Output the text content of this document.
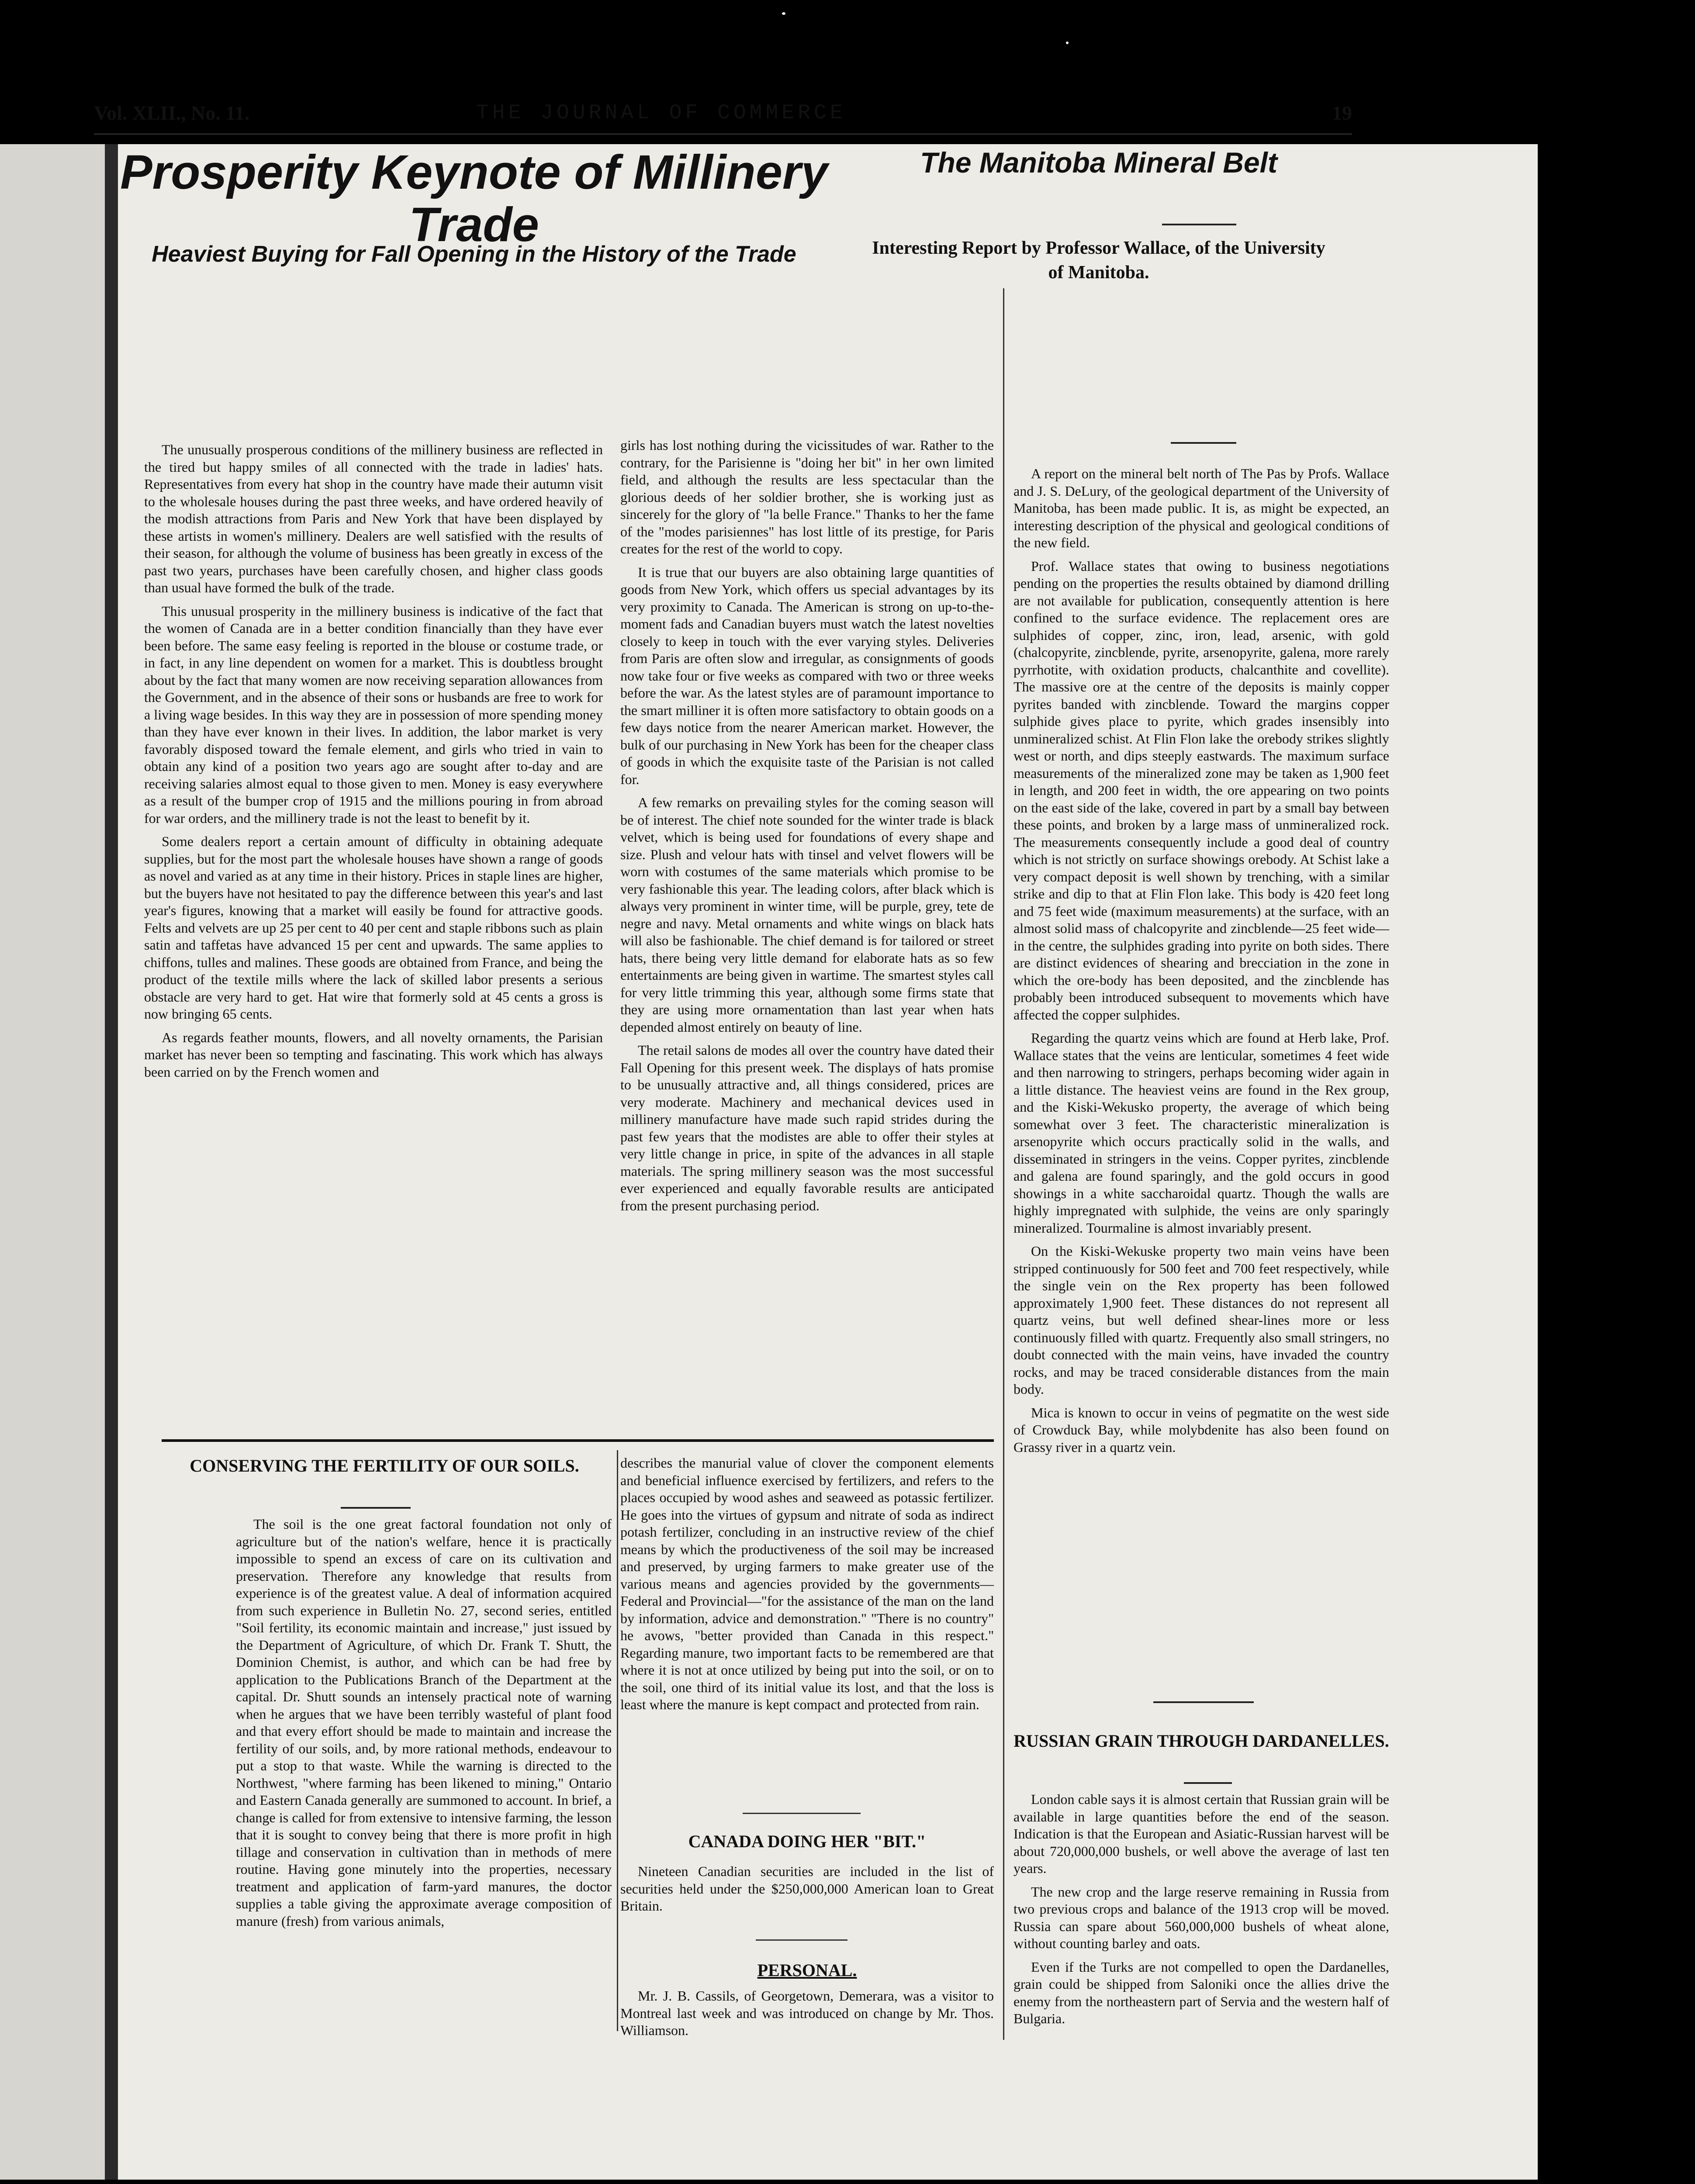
Vol. XLII., No. 11.	THE JOURNAL OF COMMERCE	19
Prosperity Keynote of Millinery Trade
Heaviest Buying for Fall Opening in the History of the Trade

The unusually prosperous conditions of the millinery business are reflected in the tired but happy smiles of all connected with the trade in ladies' hats. Representatives from every hat shop in the country have made their autumn visit to the wholesale houses during the past three weeks, and have ordered heavily of the modish attractions from Paris and New York that have been displayed by these artists in women's millinery. Dealers are well satisfied with the results of their season, for although the volume of business has been greatly in excess of the past two years, purchases have been carefully chosen, and higher class goods than usual have formed the bulk of the trade.

This unusual prosperity in the millinery business is indicative of the fact that the women of Canada are in a better condition financially than they have ever been before. The same easy feeling is reported in the blouse or costume trade, or in fact, in any line dependent on women for a market. This is doubtless brought about by the fact that many women are now receiving separation allowances from the Government, and in the absence of their sons or husbands are free to work for a living wage besides. In this way they are in possession of more spending money than they have ever known in their lives. In addition, the labor market is very favorably disposed toward the female element, and girls who tried in vain to obtain any kind of a position two years ago are sought after to-day and are receiving salaries almost equal to those given to men. Money is easy everywhere as a result of the bumper crop of 1915 and the millions pouring in from abroad for war orders, and the millinery trade is not the least to benefit by it.

Some dealers report a certain amount of difficulty in obtaining adequate supplies, but for the most part the wholesale houses have shown a range of goods as novel and varied as at any time in their history. Prices in staple lines are higher, but the buyers have not hesitated to pay the difference between this year's and last year's figures, knowing that a market will easily be found for attractive goods. Felts and velvets are up 25 per cent to 40 per cent and staple ribbons such as plain satin and taffetas have advanced 15 per cent and upwards. The same applies to chiffons, tulles and malines. These goods are obtained from France, and being the product of the textile mills where the lack of skilled labor presents a serious obstacle are very hard to get. Hat wire that formerly sold at 45 cents a gross is now bringing 65 cents.

As regards feather mounts, flowers, and all novelty ornaments, the Parisian market has never been so tempting and fascinating. This work which has always been carried on by the French women and

girls has lost nothing during the vicissitudes of war. Rather to the contrary, for the Parisienne is "doing her bit" in her own limited field, and although the results are less spectacular than the glorious deeds of her soldier brother, she is working just as sincerely for the glory of "la belle France." Thanks to her the fame of the "modes parisiennes" has lost little of its prestige, for Paris creates for the rest of the world to copy.

It is true that our buyers are also obtaining large quantities of goods from New York, which offers us special advantages by its very proximity to Canada. The American is strong on up-to-the-moment fads and Canadian buyers must watch the latest novelties closely to keep in touch with the ever varying styles. Deliveries from Paris are often slow and irregular, as consignments of goods now take four or five weeks as compared with two or three weeks before the war. As the latest styles are of paramount importance to the smart milliner it is often more satisfactory to obtain goods on a few days notice from the nearer American market. However, the bulk of our purchasing in New York has been for the cheaper class of goods in which the exquisite taste of the Parisian is not called for.

A few remarks on prevailing styles for the coming season will be of interest. The chief note sounded for the winter trade is black velvet, which is being used for foundations of every shape and size. Plush and velour hats with tinsel and velvet flowers will be worn with costumes of the same materials which promise to be very fashionable this year. The leading colors, after black which is always very prominent in winter time, will be purple, grey, tete de negre and navy. Metal ornaments and white wings on black hats will also be fashionable. The chief demand is for tailored or street hats, there being very little demand for elaborate hats as so few entertainments are being given in wartime. The smartest styles call for very little trimming this year, although some firms state that they are using more ornamentation than last year when hats depended almost entirely on beauty of line.

The retail salons de modes all over the country have dated their Fall Opening for this present week. The displays of hats promise to be unusually attractive and, all things considered, prices are very moderate. Machinery and mechanical devices used in millinery manufacture have made such rapid strides during the past few years that the modistes are able to offer their styles at very little change in price, in spite of the advances in all staple materials. The spring millinery season was the most successful ever experienced and equally favorable results are anticipated from the present purchasing period.

The Manitoba Mineral Belt
Interesting Report by Professor Wallace, of the University of Manitoba.

A report on the mineral belt north of The Pas by Profs. Wallace and J. S. DeLury, of the geological department of the University of Manitoba, has been made public. It is, as might be expected, an interesting description of the physical and geological conditions of the new field.

Prof. Wallace states that owing to business negotiations pending on the properties the results obtained by diamond drilling are not available for publication, consequently attention is here confined to the surface evidence. The replacement ores are sulphides of copper, zinc, iron, lead, arsenic, with gold (chalcopyrite, zincblende, pyrite, arsenopyrite, galena, more rarely pyrrhotite, with oxidation products, chalcanthite and covellite). The massive ore at the centre of the deposits is mainly copper pyrites banded with zincblende. Toward the margins copper sulphide gives place to pyrite, which grades insensibly into unmineralized schist. At Flin Flon lake the orebody strikes slightly west or north, and dips steeply eastwards. The maximum surface measurements of the mineralized zone may be taken as 1,900 feet in length, and 200 feet in width, the ore appearing on two points on the east side of the lake, covered in part by a small bay between these points, and broken by a large mass of unmineralized rock. The measurements consequently include a good deal of country which is not strictly on surface showings orebody. At Schist lake a very compact deposit is well shown by trenching, with a similar strike and dip to that at Flin Flon lake. This body is 420 feet long and 75 feet wide (maximum measurements) at the surface, with an almost solid mass of chalcopyrite and zincblende—25 feet wide—in the centre, the sulphides grading into pyrite on both sides. There are distinct evidences of shearing and brecciation in the zone in which the ore-body has been deposited, and the zincblende has probably been introduced subsequent to movements which have affected the copper sulphides.

Regarding the quartz veins which are found at Herb lake, Prof. Wallace states that the veins are lenticular, sometimes 4 feet wide and then narrowing to stringers, perhaps becoming wider again in a little distance. The heaviest veins are found in the Rex group, and the Kiski-Wekusko property, the average of which being somewhat over 3 feet. The characteristic mineralization is arsenopyrite which occurs practically solid in the walls, and disseminated in stringers in the veins. Copper pyrites, zincblende and galena are found sparingly, and the gold occurs in good showings in a white saccharoidal quartz. Though the walls are highly impregnated with sulphide, the veins are only sparingly mineralized. Tourmaline is almost invariably present.

On the Kiski-Wekuske property two main veins have been stripped continuously for 500 feet and 700 feet respectively, while the single vein on the Rex property has been followed approximately 1,900 feet. These distances do not represent all quartz veins, but well defined shear-lines more or less continuously filled with quartz. Frequently also small stringers, no doubt connected with the main veins, have invaded the country rocks, and may be traced considerable distances from the main body.

Mica is known to occur in veins of pegmatite on the west side of Crowduck Bay, while molybdenite has also been found on Grassy river in a quartz vein.

RUSSIAN GRAIN THROUGH DARDANELLES.

London cable says it is almost certain that Russian grain will be available in large quantities before the end of the season. Indication is that the European and Asiatic-Russian harvest will be about 720,000,000 bushels, or well above the average of last ten years.

The new crop and the large reserve remaining in Russia from two previous crops and balance of the 1913 crop will be moved. Russia can spare about 560,000,000 bushels of wheat alone, without counting barley and oats.

Even if the Turks are not compelled to open the Dardanelles, grain could be shipped from Saloniki once the allies drive the enemy from the northeastern part of Servia and the western half of Bulgaria.

CONSERVING THE FERTILITY OF OUR SOILS.

The soil is the one great factoral foundation not only of agriculture but of the nation's welfare, hence it is practically impossible to spend an excess of care on its cultivation and preservation. Therefore any knowledge that results from experience is of the greatest value. A deal of information acquired from such experience in Bulletin No. 27, second series, entitled "Soil fertility, its economic maintain and increase," just issued by the Department of Agriculture, of which Dr. Frank T. Shutt, the Dominion Chemist, is author, and which can be had free by application to the Publications Branch of the Department at the capital. Dr. Shutt sounds an intensely practical note of warning when he argues that we have been terribly wasteful of plant food and that every effort should be made to maintain and increase the fertility of our soils, and, by more rational methods, endeavour to put a stop to that waste. While the warning is directed to the Northwest, "where farming has been likened to mining," Ontario and Eastern Canada generally are summoned to account. In brief, a change is called for from extensive to intensive farming, the lesson that it is sought to convey being that there is more profit in high tillage and conservation in cultivation than in methods of mere routine. Having gone minutely into the properties, necessary treatment and application of farm-yard manures, the doctor supplies a table giving the approximate average composition of manure (fresh) from various animals,

describes the manurial value of clover the component elements and beneficial influence exercised by fertilizers, and refers to the places occupied by wood ashes and seaweed as potassic fertilizer. He goes into the virtues of gypsum and nitrate of soda as indirect potash fertilizer, concluding in an instructive review of the chief means by which the productiveness of the soil may be increased and preserved, by urging farmers to make greater use of the various means and agencies provided by the governments—Federal and Provincial—"for the assistance of the man on the land by information, advice and demonstration." "There is no country" he avows, "better provided than Canada in this respect." Regarding manure, two important facts to be remembered are that where it is not at once utilized by being put into the soil, or on to the soil, one third of its initial value its lost, and that the loss is least where the manure is kept compact and protected from rain.

CANADA DOING HER "BIT."

Nineteen Canadian securities are included in the list of securities held under the $250,000,000 American loan to Great Britain.

PERSONAL.

Mr. J. B. Cassils, of Georgetown, Demerara, was a visitor to Montreal last week and was introduced on change by Mr. Thos. Williamson.
